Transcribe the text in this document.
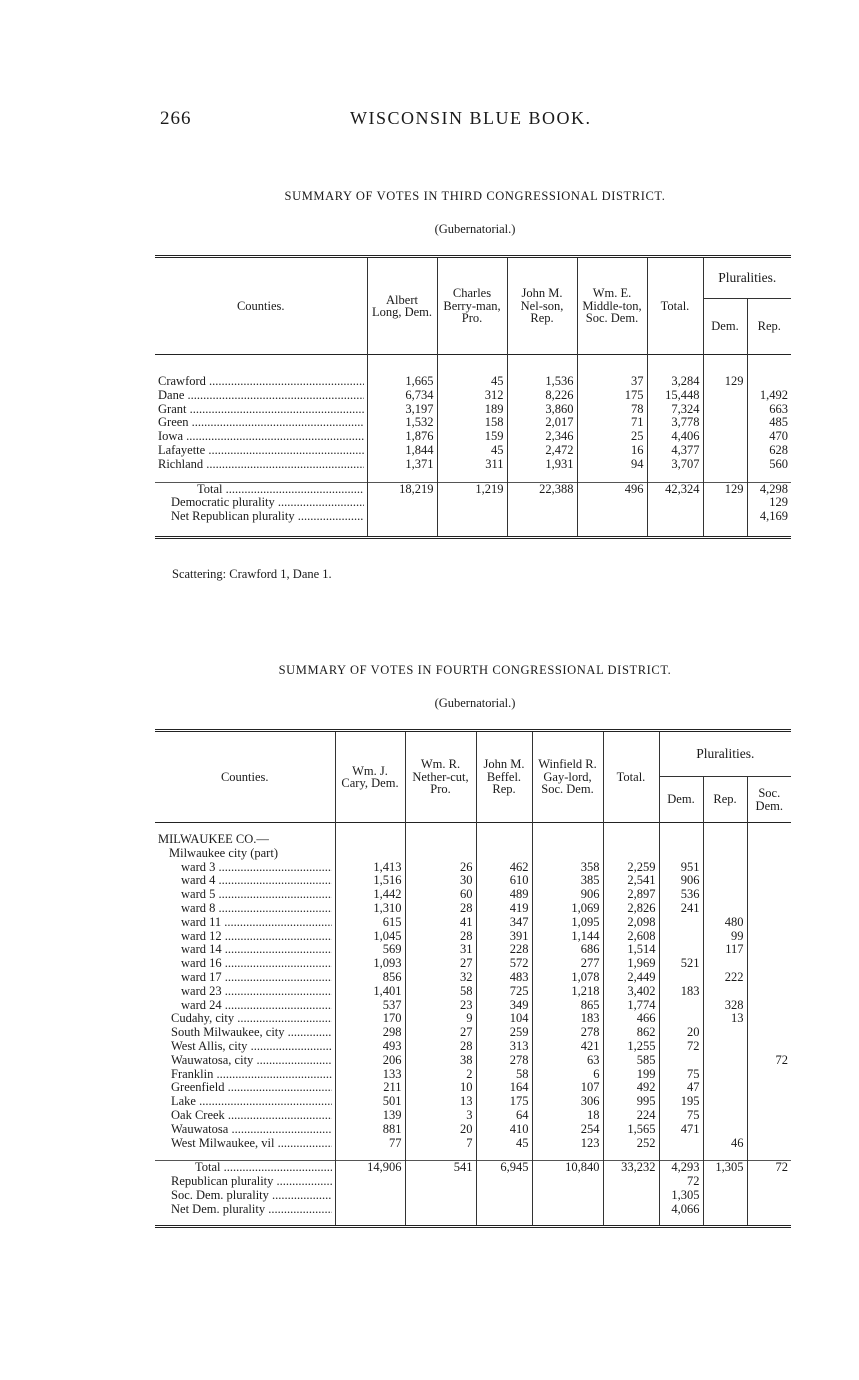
266	WISCONSIN BLUE BOOK.
SUMMARY OF VOTES IN THIRD CONGRESSIONAL DISTRICT.
(Gubernatorial.)
Counties.	Albert Long, Dem.	Charles Berry-man, Pro.	John M. Nel-son, Rep.	Wm. E. Middle-ton, Soc. Dem.	Total.	Pluralities.	
						Dem.	Rep.

Crawford .....	1,665	45	1,536	37	3,284	129	

Dane .....	6,734	312	8,226	175	15,448		1,492

Grant .....	3,197	189	3,860	78	7,324		663

Green .....	1,532	158	2,017	71	3,778		485

Iowa .....	1,876	159	2,346	25	4,406		470

Lafayette .....	1,844	45	2,472	16	4,377		628

Richland .....	1,371	311	1,931	94	3,707		560

Total .....	18,219	1,219	22,388	496	42,324	129	4,298

Democratic plurality .....							129

Net Republican plurality .....							4,169

Scattering: Crawford 1, Dane 1.
SUMMARY OF VOTES IN FOURTH CONGRESSIONAL DISTRICT.
(Gubernatorial.)
Counties.	Wm. J. Cary, Dem.	Wm. R. Nether-cut, Pro.	John M. Beffel. Rep.	Winfield R. Gay-lord, Soc. Dem.	Total.	Pluralities.		
						Dem.	Rep.	Soc. Dem.

MILWAUKEE CO.—								
Milwaukee city (part)								

ward 3 .....	1,413	26	462	358	2,259	951		

ward 4 .....	1,516	30	610	385	2,541	906		

ward 5 .....	1,442	60	489	906	2,897	536		

ward 8 .....	1,310	28	419	1,069	2,826	241		

ward 11 .....	615	41	347	1,095	2,098		480	

ward 12 .....	1,045	28	391	1,144	2,608		99	

ward 14 .....	569	31	228	686	1,514		117	

ward 16 .....	1,093	27	572	277	1,969	521		

ward 17 .....	856	32	483	1,078	2,449		222	

ward 23 .....	1,401	58	725	1,218	3,402	183		

ward 24 .....	537	23	349	865	1,774		328	

Cudahy, city .....	170	9	104	183	466		13	

South Milwaukee, city .....	298	27	259	278	862	20		

West Allis, city .....	493	28	313	421	1,255	72		

Wauwatosa, city .....	206	38	278	63	585			72

Franklin .....	133	2	58	6	199	75		

Greenfield .....	211	10	164	107	492	47		

Lake .....	501	13	175	306	995	195		

Oak Creek .....	139	3	64	18	224	75		

Wauwatosa .....	881	20	410	254	1,565	471		

West Milwaukee, vil .....	77	7	45	123	252		46	

Total .....	14,906	541	6,945	10,840	33,232	4,293	1,305	72

Republican plurality .....						72		

Soc. Dem. plurality .....						1,305		

Net Dem. plurality .....						4,066		
